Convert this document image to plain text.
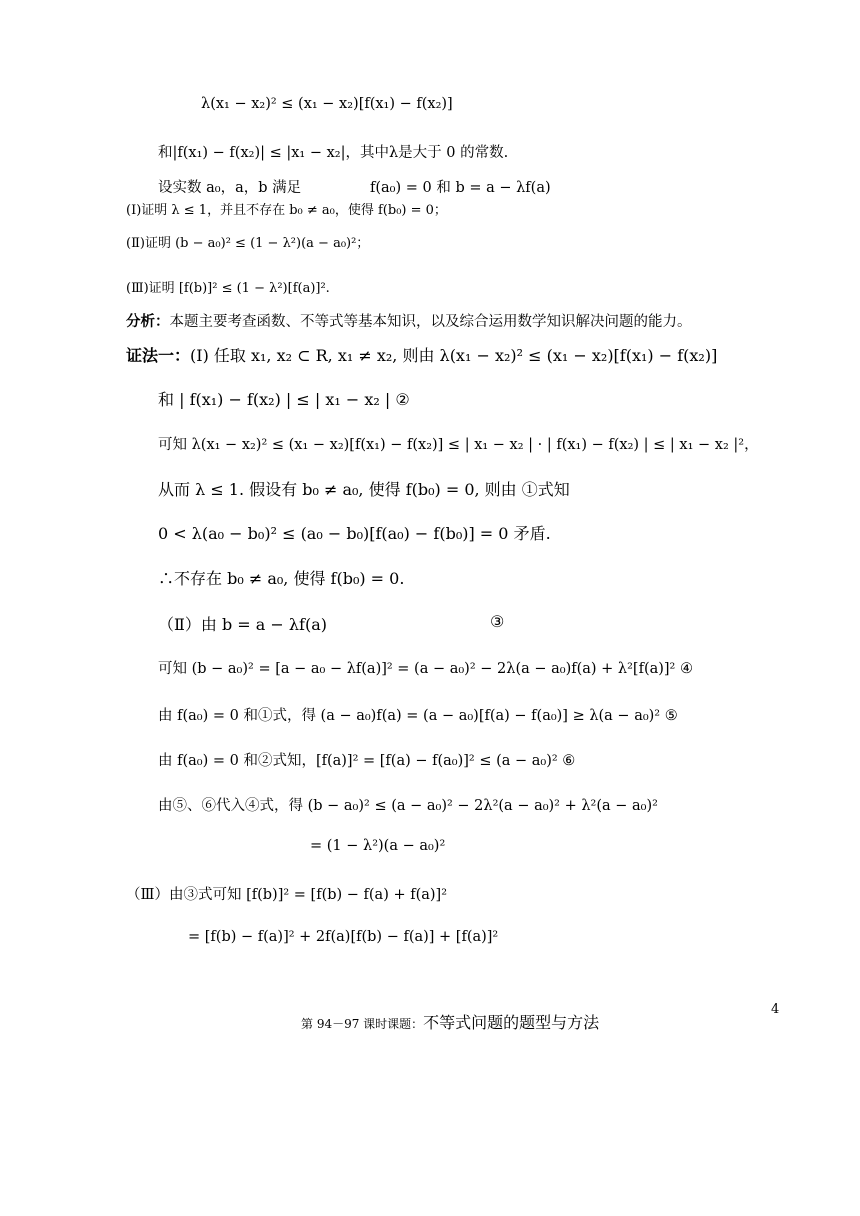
λ(x₁ − x₂)² ≤ (x₁ − x₂)[f(x₁) − f(x₂)]
和|f(x₁) − f(x₂)| ≤ |x₁ − x₂|，其中λ是大于 0 的常数.
设实数 a₀，a，b 满足	f(a₀) = 0 和 b = a − λf(a)
(Ⅰ)证明 λ ≤ 1，并且不存在 b₀ ≠ a₀，使得 f(b₀) = 0；
(Ⅱ)证明 (b − a₀)² ≤ (1 − λ²)(a − a₀)²；
(Ⅲ)证明 [f(b)]² ≤ (1 − λ²)[f(a)]².
分析：本题主要考查函数、不等式等基本知识，以及综合运用数学知识解决问题的能力。
证法一：(Ⅰ) 任取 x₁, x₂ ⊂ R, x₁ ≠ x₂, 则由 λ(x₁ − x₂)² ≤ (x₁ − x₂)[f(x₁) − f(x₂)]
和 | f(x₁) − f(x₂) | ≤ | x₁ − x₂ | ②
可知 λ(x₁ − x₂)² ≤ (x₁ − x₂)[f(x₁) − f(x₂)] ≤ | x₁ − x₂ | · | f(x₁) − f(x₂) | ≤ | x₁ − x₂ |²，
从而 λ ≤ 1. 假设有 b₀ ≠ a₀, 使得 f(b₀) = 0, 则由 ①式知
0 < λ(a₀ − b₀)² ≤ (a₀ − b₀)[f(a₀) − f(b₀)] = 0 矛盾.
∴不存在 b₀ ≠ a₀, 使得 f(b₀) = 0.
（Ⅱ）由 b = a − λf(a)	③
可知 (b − a₀)² = [a − a₀ − λf(a)]² = (a − a₀)² − 2λ(a − a₀)f(a) + λ²[f(a)]² ④
由 f(a₀) = 0 和①式，得 (a − a₀)f(a) = (a − a₀)[f(a) − f(a₀)] ≥ λ(a − a₀)² ⑤
由 f(a₀) = 0 和②式知，[f(a)]² = [f(a) − f(a₀)]² ≤ (a − a₀)² ⑥
由⑤、⑥代入④式，得 (b − a₀)² ≤ (a − a₀)² − 2λ²(a − a₀)² + λ²(a − a₀)²
= (1 − λ²)(a − a₀)²
（Ⅲ）由③式可知 [f(b)]² = [f(b) − f(a) + f(a)]²
= [f(b) − f(a)]² + 2f(a)[f(b) − f(a)] + [f(a)]²
第 94－97 课时课题：不等式问题的题型与方法
4
